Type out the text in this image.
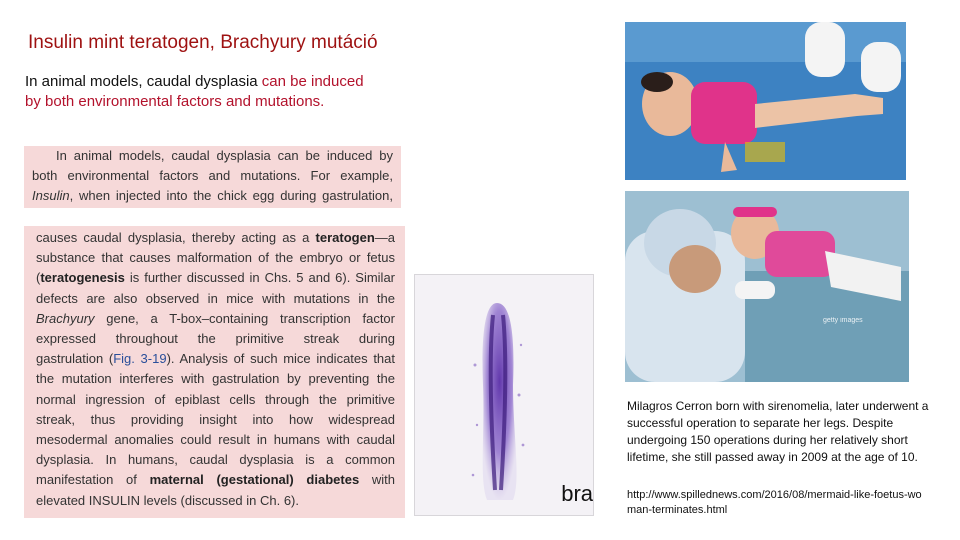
Insulin mint teratogen, Brachyury mutáció
In animal models, caudal dysplasia can be induced by both environmental factors and mutations.
In animal models, caudal dysplasia can be induced by
both environmental factors and mutations. For example,
Insulin, when injected into the chick egg during gastrulation,
causes caudal dysplasia, thereby acting as a teratogen—a
substance that causes malformation of the embryo or fetus
(teratogenesis is further discussed in Chs. 5 and 6). Similar
defects are also observed in mice with mutations in the
Brachyury gene, a T-box–containing transcription factor
expressed throughout the primitive streak during
gastrulation (Fig. 3-19). Analysis of such mice indicates that
the mutation interferes with gastrulation by preventing the
normal ingression of epiblast cells through the primitive
streak, thus providing insight into how widespread
mesodermal anomalies could result in humans with caudal
dysplasia. In humans, caudal dysplasia is a common
manifestation of maternal (gestational) diabetes with
elevated INSULIN levels (discussed in Ch. 6).	bra
getty images
Milagros Cerron born with sirenomelia, later underwent a successful operation to separate her legs. Despite undergoing 150 operations during her relatively short lifetime, she still passed away in 2009 at the age of 10.
http://www.spillednews.com/2016/08/mermaid-like-foetus-woman-terminates.html
